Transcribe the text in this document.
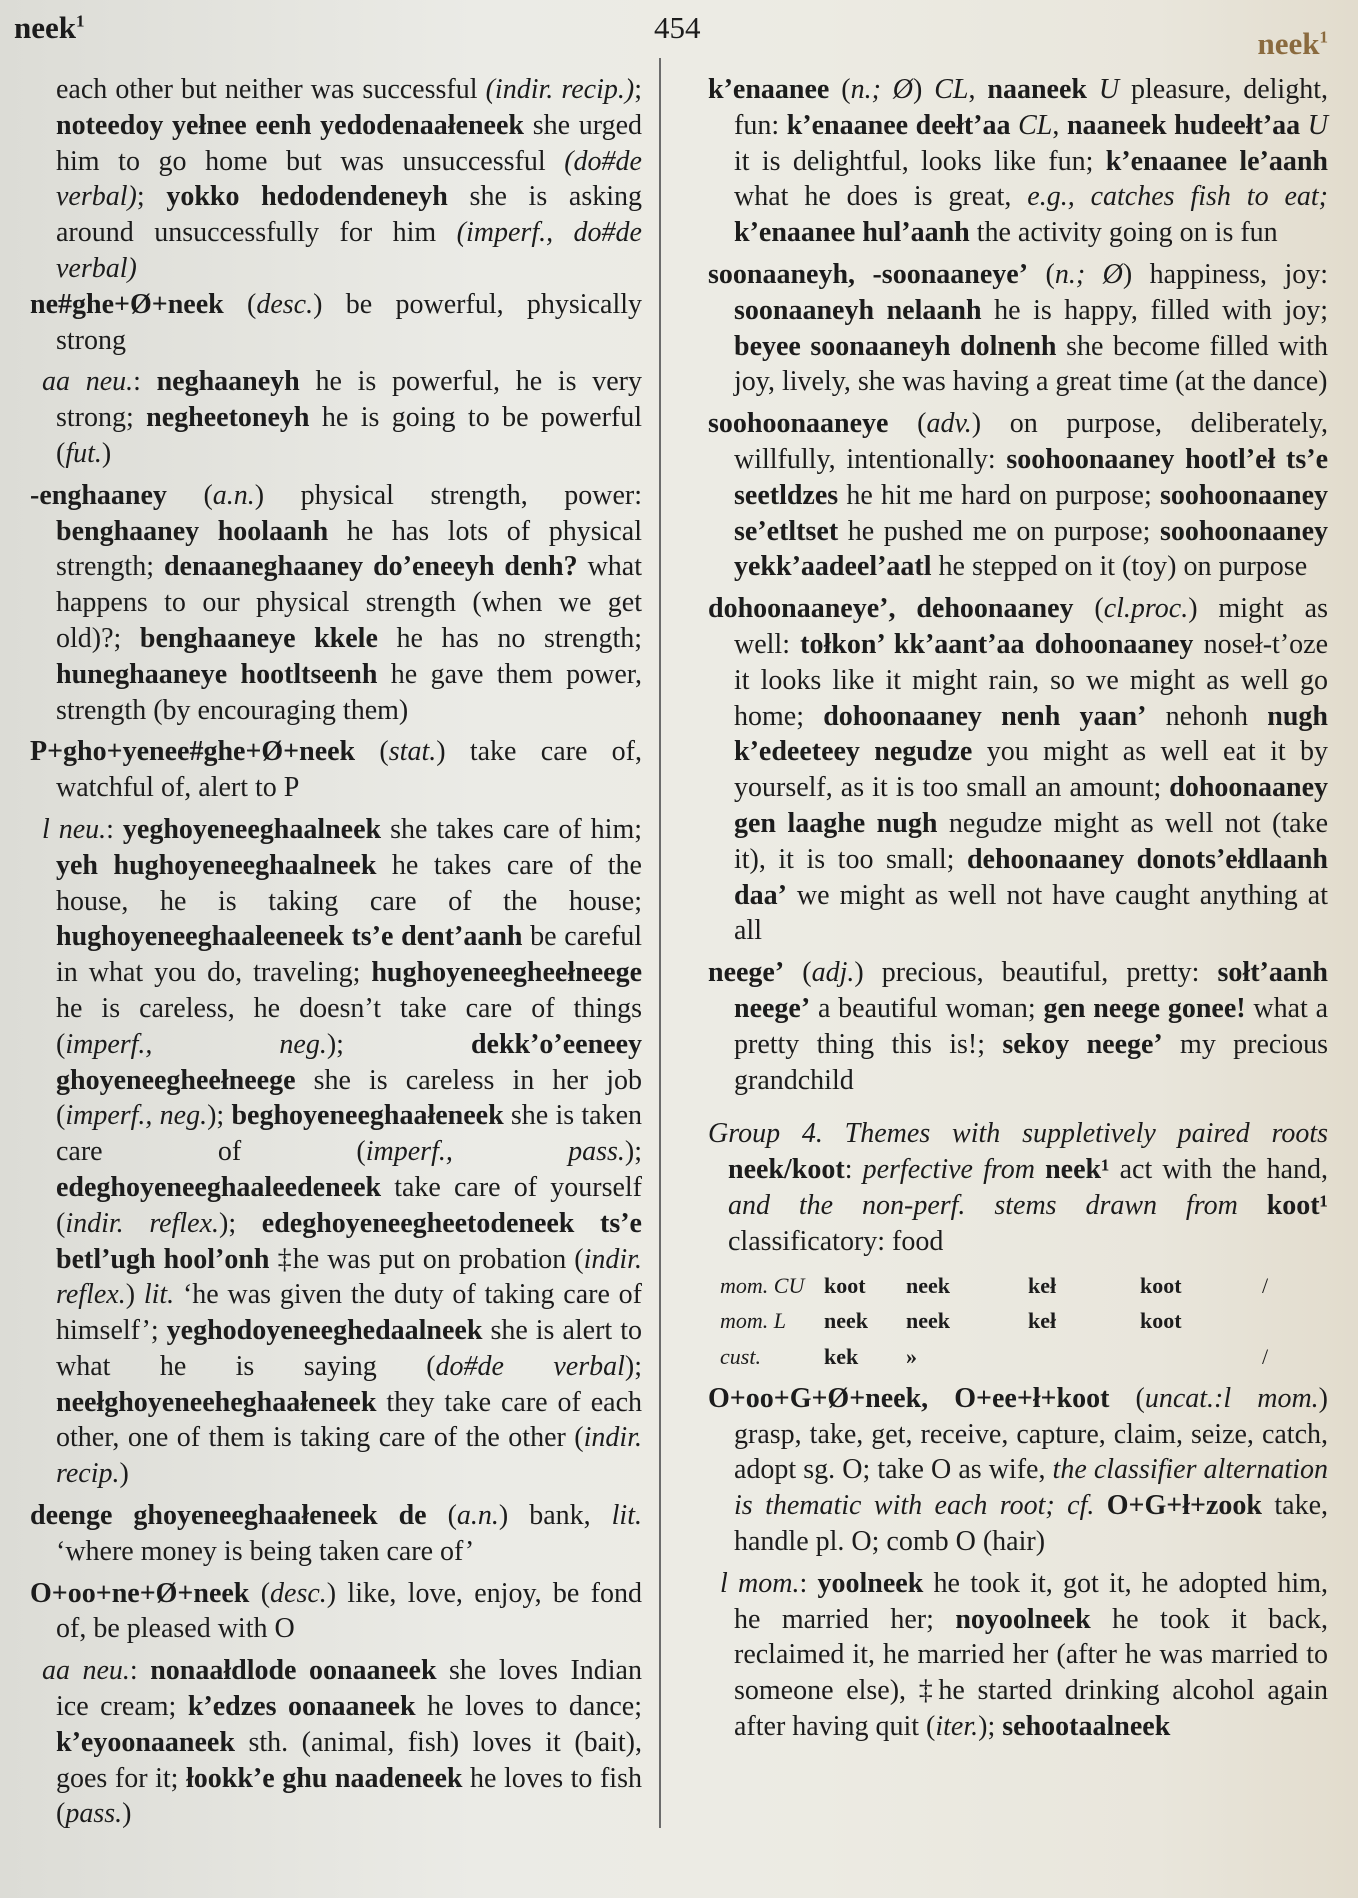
neek$^1$	454	neek$^1$

each other but neither was successful (indir. recip.); noteedoy yełnee eenh yedodenaałeneek she urged him to go home but was unsuccessful (do#de verbal); yokko hedodendeneyh she is asking around unsuccessfully for him (imperf., do#de verbal)

ne#ghe+Ø+neek (desc.) be powerful, physically strong

aa neu.: neghaaneyh he is powerful, he is very strong; negheetoneyh he is going to be powerful (fut.)

-enghaaney (a.n.) physical strength, power: benghaaney hoolaanh he has lots of physical strength; denaaneghaaney do’eneeyh denh? what happens to our physical strength (when we get old)?; benghaaneye kkele he has no strength; huneghaaneye hootltseenh he gave them power, strength (by encouraging them)

P+gho+yenee#ghe+Ø+neek (stat.) take care of, watchful of, alert to P

l neu.: yeghoyeneeghaalneek she takes care of him; yeh hughoyeneeghaalneek he takes care of the house, he is taking care of the house; hughoyeneeghaaleeneek ts’e dent’aanh be careful in what you do, traveling; hughoyeneegheełneege he is careless, he doesn’t take care of things (imperf., neg.); dekk’o’eeneey ghoyeneegheełneege she is careless in her job (imperf., neg.); beghoyeneeghaałeneek she is taken care of (imperf., pass.); edeghoyeneeghaaleedeneek take care of yourself (indir. reflex.); edeghoyeneegheetodeneek ts’e betl’ugh hool’onh ‡he was put on probation (indir. reflex.) lit. ‘he was given the duty of taking care of himself’; yeghodoyeneeghedaalneek she is alert to what he is saying (do#de verbal); neełghoyeneeheghaałeneek they take care of each other, one of them is taking care of the other (indir. recip.)

deenge ghoyeneeghaałeneek de (a.n.) bank, lit. ‘where money is being taken care of’

O+oo+ne+Ø+neek (desc.) like, love, enjoy, be fond of, be pleased with O

aa neu.: nonaałdlode oonaaneek she loves Indian ice cream; k’edzes oonaaneek he loves to dance; k’eyoonaaneek sth. (animal, fish) loves it (bait), goes for it; łookk’e ghu naadeneek he loves to fish (pass.)

k’enaanee (n.; Ø) CL, naaneek U pleasure, delight, fun: k’enaanee deełt’aa CL, naaneek hudeełt’aa U it is delightful, looks like fun; k’enaanee le’aanh what he does is great, e.g., catches fish to eat; k’enaanee hul’aanh the activity going on is fun

soonaaneyh, -soonaaneye’ (n.; Ø) happiness, joy: soonaaneyh nelaanh he is happy, filled with joy; beyee soonaaneyh dolnenh she become filled with joy, lively, she was having a great time (at the dance)

soohoonaaneye (adv.) on purpose, deliberately, willfully, intentionally: soohoonaaney hootl’eł ts’e seetldzes he hit me hard on purpose; soohoonaaney se’etltset he pushed me on purpose; soohoonaaney yekk’aadeel’aatl he stepped on it (toy) on purpose

dohoonaaneye’, dehoonaaney (cl.proc.) might as well: tołkon’ kk’aant’aa dohoonaaney noseł-t’oze it looks like it might rain, so we might as well go home; dohoonaaney nenh yaan’ nehonh nugh k’edeeteey negudze you might as well eat it by yourself, as it is too small an amount; dohoonaaney gen laaghe nugh negudze might as well not (take it), it is too small; dehoonaaney donots’ełdlaanh daa’ we might as well not have caught anything at all

neege’ (adj.) precious, beautiful, pretty: sołt’aanh neege’ a beautiful woman; gen neege gonee! what a pretty thing this is!; sekoy neege’ my precious grandchild

Group 4. Themes with suppletively paired roots neek/koot: perfective from neek¹ act with the hand, and the non-perf. stems drawn from koot¹ classificatory: food

mom. CU	koot	neek	keł	koot	/
mom. L	neek	neek	keł	koot	
cust.	kek	»			/

O+oo+G+Ø+neek, O+ee+ł+koot (uncat.:l mom.) grasp, take, get, receive, capture, claim, seize, catch, adopt sg. O; take O as wife, the classifier alternation is thematic with each root; cf. O+G+ł+zook take, handle pl. O; comb O (hair)

l mom.: yoolneek he took it, got it, he adopted him, he married her; noyoolneek he took it back, reclaimed it, he married her (after he was married to someone else), ‡he started drinking alcohol again after having quit (iter.); sehootaalneek
